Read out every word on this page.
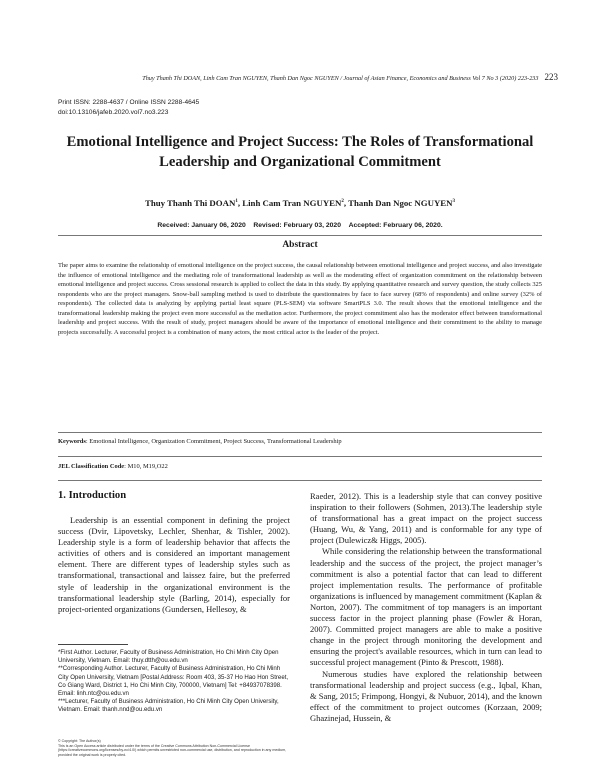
Thuy Thanh Thi DOAN, Linh Cam Tran NGUYEN, Thanh Dan Ngoc NGUYEN / Journal of Asian Finance, Economics and Business Vol 7 No 3 (2020) 223-233 223
Print ISSN: 2288-4637 / Online ISSN 2288-4645
doi:10.13106/jafeb.2020.vol7.no3.223
Emotional Intelligence and Project Success: The Roles of Transformational
Leadership and Organizational Commitment
Thuy Thanh Thi DOAN$^1$, Linh Cam Tran NGUYEN$^2$, Thanh Dan Ngoc NGUYEN$^3$
Received: January 06, 2020 Revised: February 03, 2020 Accepted: February 06, 2020.
Abstract
The paper aims to examine the relationship of emotional intelligence on the project success, the causal relationship between emotional intelligence and project success, and also investigate the influence of emotional intelligence and the mediating role of transformational leadership as well as the moderating effect of organization commitment on the relationship between emotional intelligence and project success. Cross sessional research is applied to collect the data in this study. By applying quantitative research and survey question, the study collects 325 respondents who are the project managers. Snow-ball sampling method is used to distribute the questionnaires by face to face survey (68% of respondents) and online survey (32% of respondents). The collected data is analyzing by applying partial least square (PLS-SEM) via software SmartPLS 3.0. The result shows that the emotional intelligence and the transformational leadership making the project even more successful as the mediation actor. Furthermore, the project commitment also has the moderator effect between transformational leadership and project success. With the result of study, project managers should be aware of the importance of emotional intelligence and their commitment to the ability to manage projects successfully. A successful project is a combination of many actors, the most critical actor is the leader of the project.
Keywords: Emotional Intelligence, Organization Commitment, Project Success, Transformational Leadership
JEL Classification Code: M10, M19,O22
1. Introduction

Leadership is an essential component in defining the project success (Dvir, Lipovetsky, Lechler, Shenhar, & Tishler, 2002). Leadership style is a form of leadership behavior that affects the activities of others and is considered an important management element. There are different types of leadership styles such as transformational, transactional and laissez faire, but the preferred style of leadership in the organizational environment is the transformational leadership style (Barling, 2014), especially for project-oriented organizations (Gundersen, Hellesoy, &

*First Author. Lecturer, Faculty of Business Administration, Ho Chi Minh City Open University, Vietnam. Email: thuy.dtth@ou.edu.vn

**Corresponding Author. Lecturer, Faculty of Business Administration, Ho Chi Minh City Open University, Vietnam [Postal Address: Room 403, 35-37 Ho Hao Hon Street, Co Giang Ward, District 1, Ho Chi Minh City, 700000, Vietnam] Tel: +84937078398. Email: linh.ntc@ou.edu.vn

***Lecturer, Faculty of Business Administration, Ho Chi Minh City Open University, Vietnam. Email: thanh.nnd@ou.edu.vn

© Copyright: The Author(s)

This is an Open Access article distributed under the terms of the Creative Commons Attribution Non-Commercial License (https://creativecommons.org/licenses/by-nc/4.0/) which permits unrestricted non-commercial use, distribution, and reproduction in any medium, provided the original work is properly cited.

Raeder, 2012). This is a leadership style that can convey positive inspiration to their followers (Sohmen, 2013).The leadership style of transformational has a great impact on the project success (Huang, Wu, & Yang, 2011) and is conformable for any type of project (Dulewicz& Higgs, 2005).

While considering the relationship between the transformational leadership and the success of the project, the project manager’s commitment is also a potential factor that can lead to different project implementation results. The performance of profitable organizations is influenced by management commitment (Kaplan & Norton, 2007). The commitment of top managers is an important success factor in the project planning phase (Fowler & Horan, 2007). Committed project managers are able to make a positive change in the project through monitoring the development and ensuring the project's available resources, which in turn can lead to successful project management (Pinto & Prescott, 1988).

Numerous studies have explored the relationship between transformational leadership and project success (e.g., Iqbal, Khan, & Sang, 2015; Frimpong, Hongyi, & Nubuor, 2014), and the known effect of the commitment to project outcomes (Korzaan, 2009; Ghazinejad, Hussein, &
